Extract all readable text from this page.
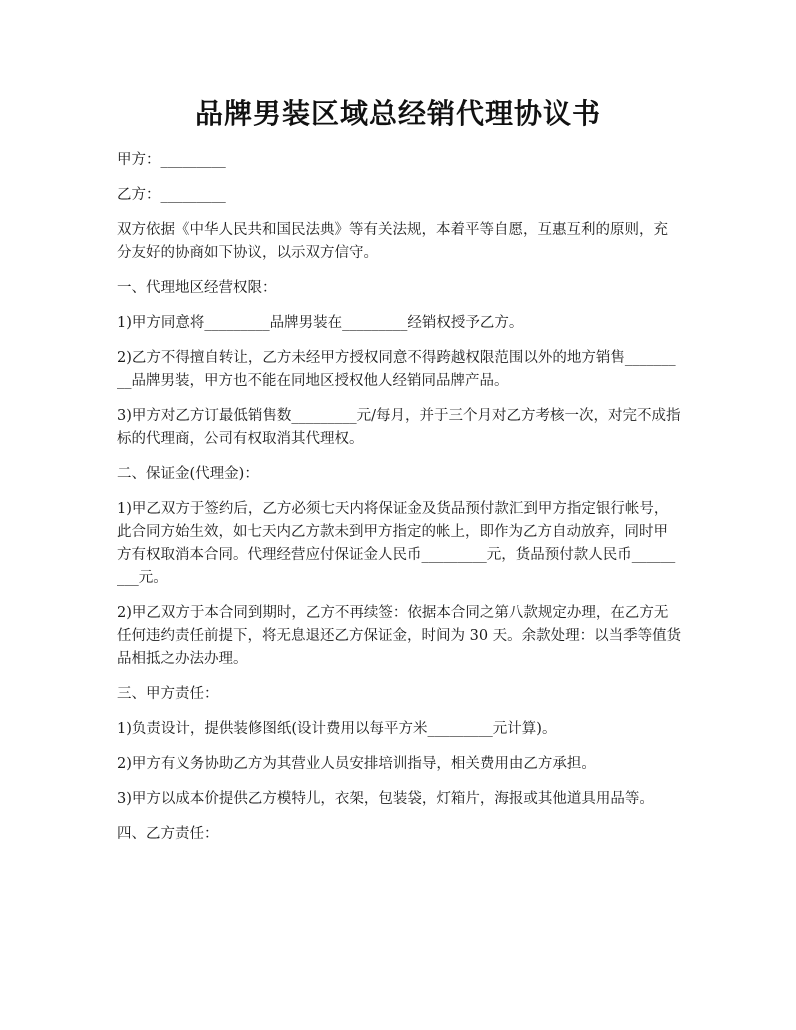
品牌男装区域总经销代理协议书

甲方：_________

乙方：_________

双方依据《中华人民共和国民法典》等有关法规，本着平等自愿，互惠互利的原则，充分友好的协商如下协议，以示双方信守。

一、代理地区经营权限：

1)甲方同意将_________品牌男装在_________经销权授予乙方。

2)乙方不得擅自转让，乙方未经甲方授权同意不得跨越权限范围以外的地方销售_________品牌男装，甲方也不能在同地区授权他人经销同品牌产品。

3)甲方对乙方订最低销售数_________元/每月，并于三个月对乙方考核一次，对完不成指标的代理商，公司有权取消其代理权。

二、保证金(代理金)：

1)甲乙双方于签约后，乙方必须七天内将保证金及货品预付款汇到甲方指定银行帐号，此合同方始生效，如七天内乙方款未到甲方指定的帐上，即作为乙方自动放弃，同时甲方有权取消本合同。代理经营应付保证金人民币_________元，货品预付款人民币_________元。

2)甲乙双方于本合同到期时，乙方不再续签：依据本合同之第八款规定办理，在乙方无任何违约责任前提下，将无息退还乙方保证金，时间为 30 天。余款处理：以当季等值货品相抵之办法办理。

三、甲方责任：

1)负责设计，提供装修图纸(设计费用以每平方米_________元计算)。

2)甲方有义务协助乙方为其营业人员安排培训指导，相关费用由乙方承担。

3)甲方以成本价提供乙方模特儿，衣架，包装袋，灯箱片，海报或其他道具用品等。

四、乙方责任：
